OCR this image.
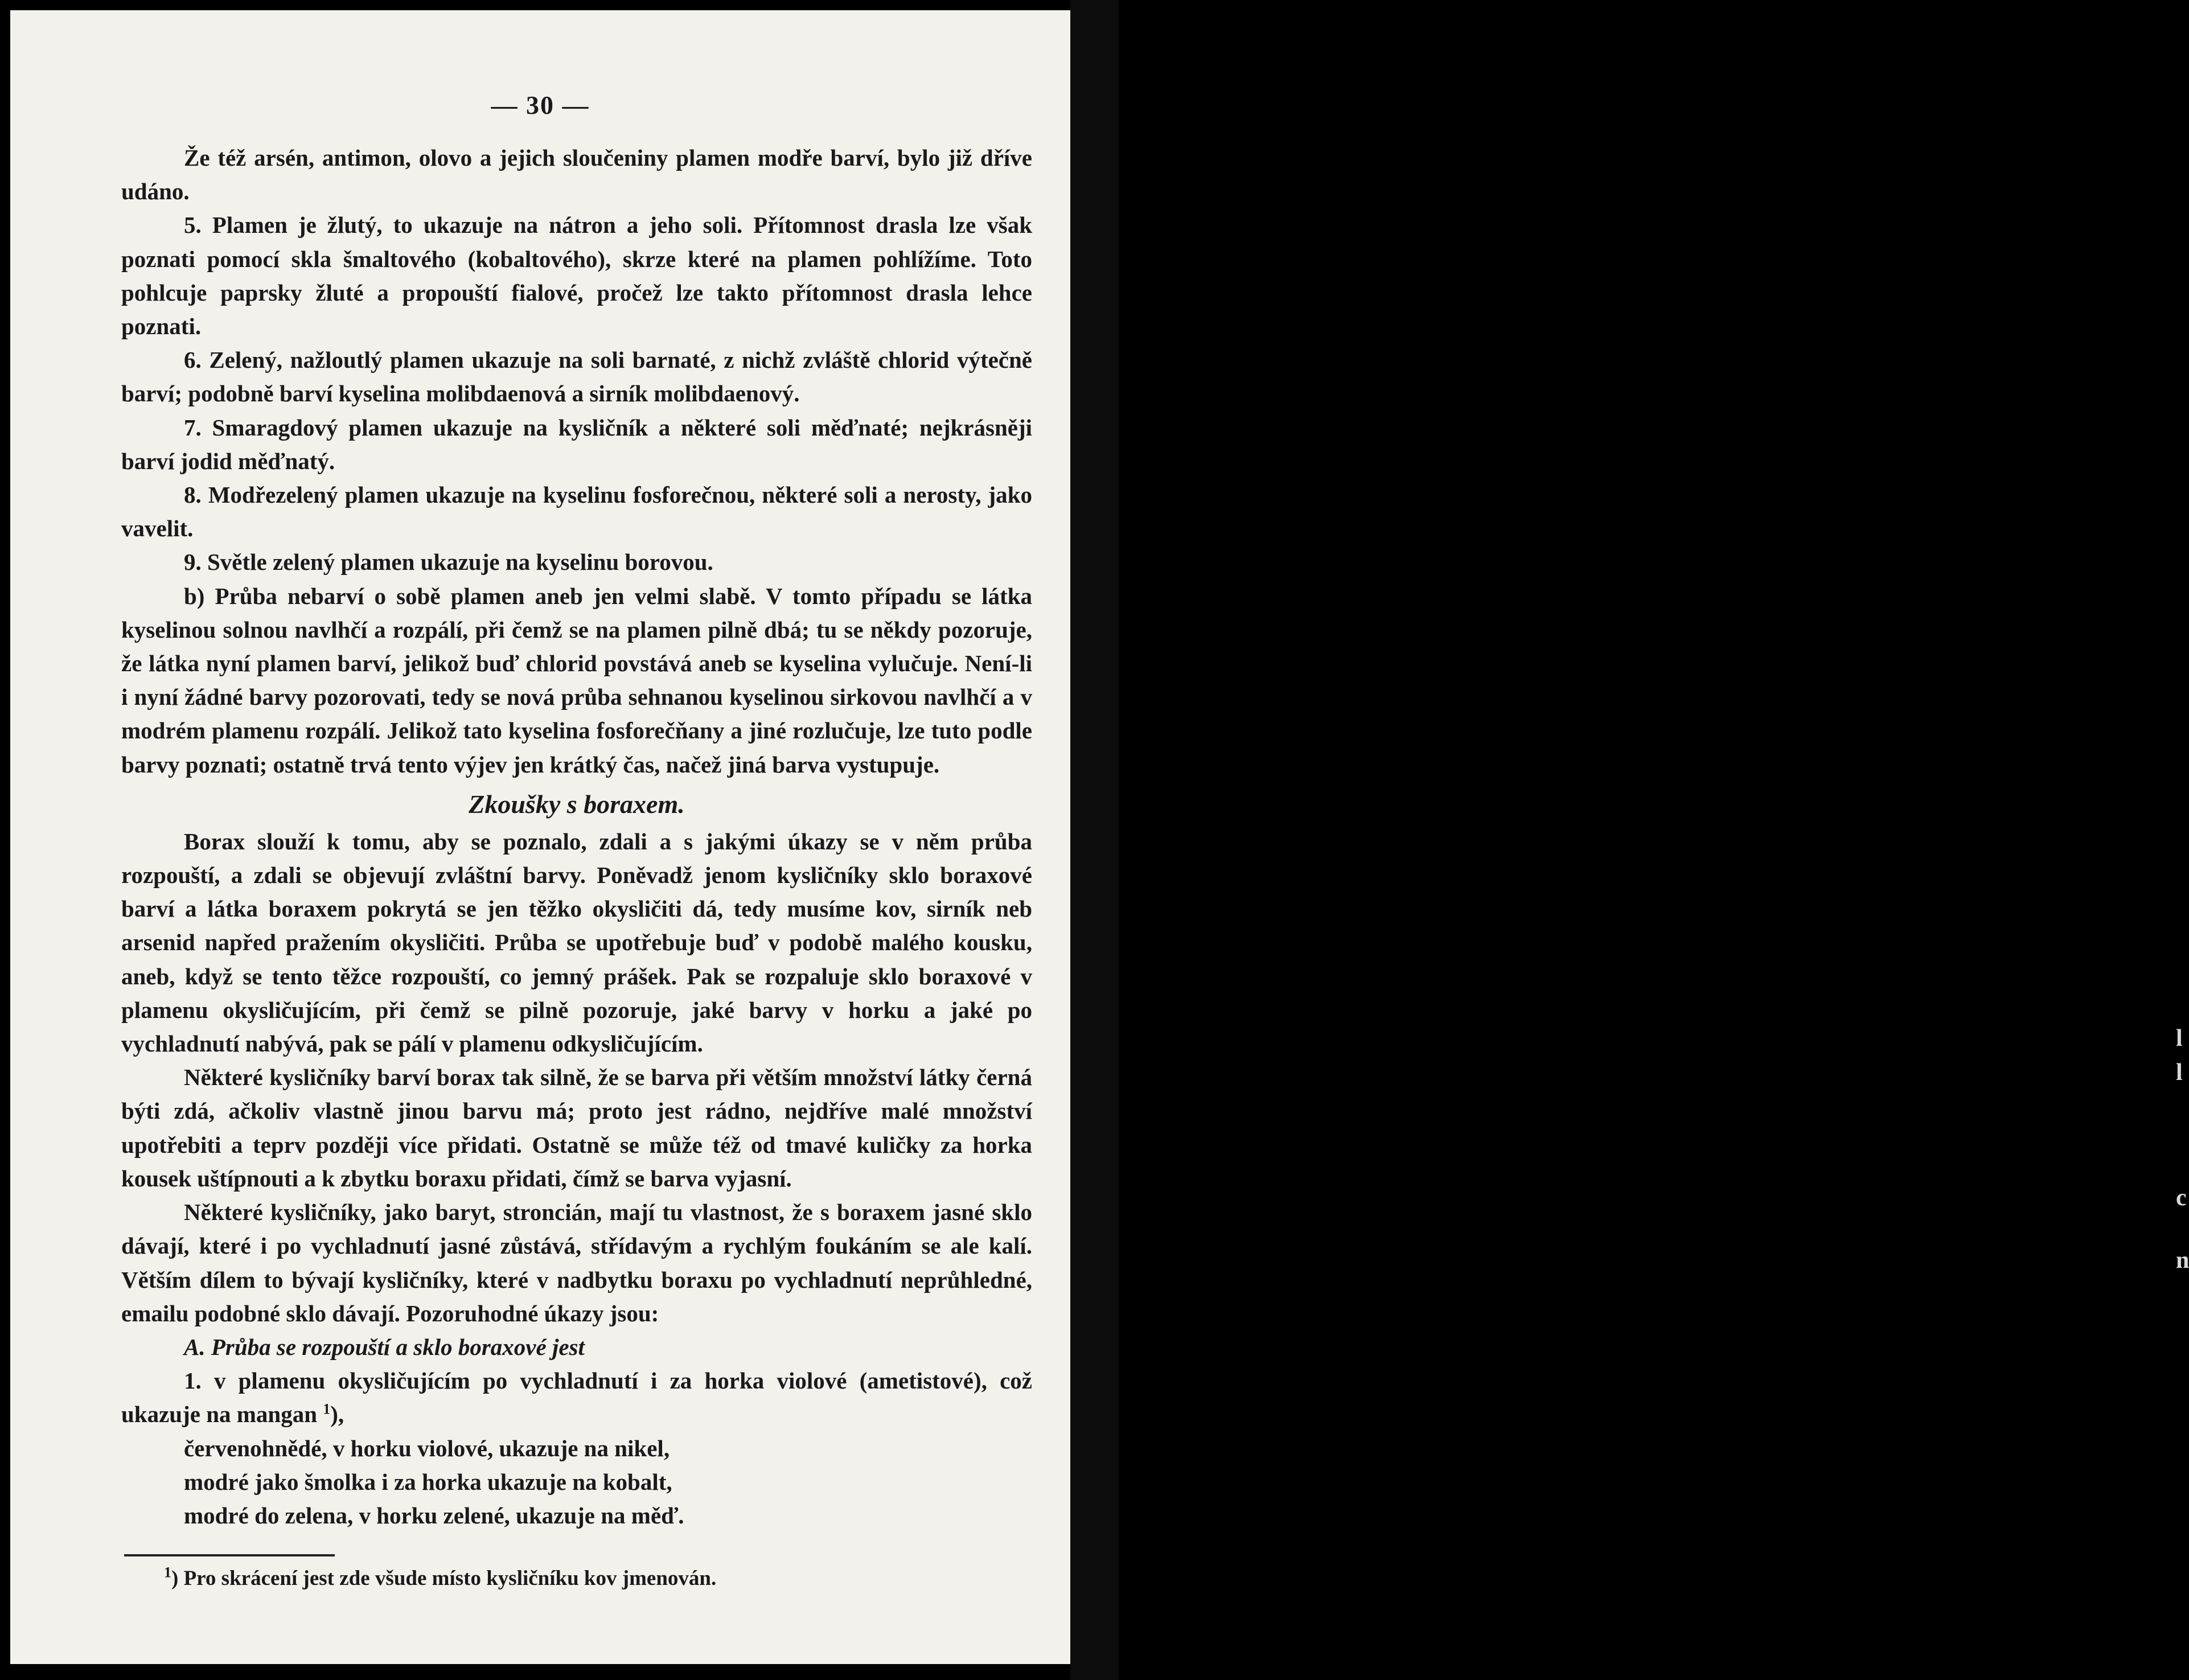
— 30 —

Že též arsén, antimon, olovo a jejich sloučeniny plamen modře barví, bylo již dříve udáno.

5. Plamen je žlutý, to ukazuje na nátron a jeho soli. Přítomnost drasla lze však poznati pomocí skla šmaltového (kobaltového), skrze které na plamen pohlížíme. Toto pohlcuje paprsky žluté a propouští fialové, pročež lze takto přítomnost drasla lehce poznati.

6. Zelený, nažloutlý plamen ukazuje na soli barnaté, z nichž zvláště chlorid výtečně barví; podobně barví kyselina molibdaenová a sirník molibdaenový.

7. Smaragdový plamen ukazuje na kysličník a některé soli měďnaté; nejkrásněji barví jodid měďnatý.

8. Modřezelený plamen ukazuje na kyselinu fosforečnou, některé soli a nerosty, jako vavelit.

9. Světle zelený plamen ukazuje na kyselinu borovou.

b) Průba nebarví o sobě plamen aneb jen velmi slabě. V tomto případu se látka kyselinou solnou navlhčí a rozpálí, při čemž se na plamen pilně dbá; tu se někdy pozoruje, že látka nyní plamen barví, jelikož buď chlorid povstává aneb se kyselina vylučuje. Není-li i nyní žádné barvy pozorovati, tedy se nová průba sehnanou kyselinou sirkovou navlhčí a v modrém plamenu rozpálí. Jelikož tato kyselina fosforečňany a jiné rozlučuje, lze tuto podle barvy poznati; ostatně trvá tento výjev jen krátký čas, načež jiná barva vystupuje.

Zkoušky s boraxem.

Borax slouží k tomu, aby se poznalo, zdali a s jakými úkazy se v něm průba rozpouští, a zdali se objevují zvláštní barvy. Poněvadž jenom kysličníky sklo boraxové barví a látka boraxem pokrytá se jen těžko okysličiti dá, tedy musíme kov, sirník neb arsenid napřed pražením okysličiti. Průba se upotřebuje buď v podobě malého kousku, aneb, když se tento těžce rozpouští, co jemný prášek. Pak se rozpaluje sklo boraxové v plamenu okysličujícím, při čemž se pilně pozoruje, jaké barvy v horku a jaké po vychladnutí nabývá, pak se pálí v plamenu odkysličujícím.

Některé kysličníky barví borax tak silně, že se barva při větším množství látky černá býti zdá, ačkoliv vlastně jinou barvu má; proto jest rádno, nejdříve malé množství upotřebiti a teprv později více přidati. Ostatně se může též od tmavé kuličky za horka kousek uštípnouti a k zbytku boraxu přidati, čímž se barva vyjasní.

Některé kysličníky, jako baryt, stroncián, mají tu vlastnost, že s boraxem jasné sklo dávají, které i po vychladnutí jasné zůstává, střídavým a rychlým foukáním se ale kalí. Větším dílem to bývají kysličníky, které v nadbytku boraxu po vychladnutí neprůhledné, emailu podobné sklo dávají. Pozoruhodné úkazy jsou:

A. Průba se rozpouští a sklo boraxové jest

1. v plamenu okysličujícím po vychladnutí i za horka violové (ametistové), což ukazuje na mangan $^1$),

červenohnědé, v horku violové, ukazuje na nikel,

modré jako šmolka i za horka ukazuje na kobalt,

modré do zelena, v horku zelené, ukazuje na měď.

$^1$) Pro skrácení jest zde všude místo kysličníku kov jmenován.
l
l
c
n
